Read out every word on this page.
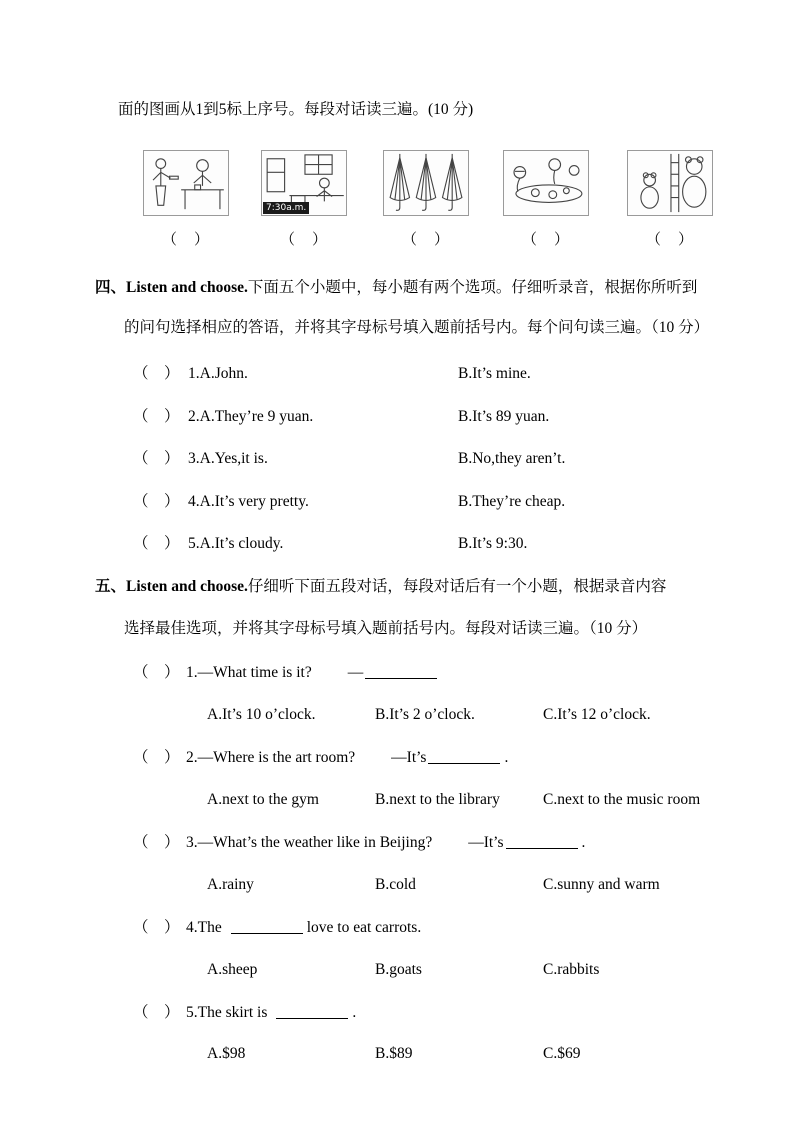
面的图画从1到5标上序号。每段对话读三遍。(10 分)
（　）
7:30a.m.
（　）	（　）	（　）	（　）
四、Listen and choose.下面五个小题中，每小题有两个选项。仔细听录音，根据你所听到
的问句选择相应的答语，并将其字母标号填入题前括号内。每个问句读三遍。（10 分）
（　） 1.A.John.	B.It’s mine.
（　） 2.A.They’re 9 yuan.	B.It’s 89 yuan.
（　） 3.A.Yes,it is.	B.No,they aren’t.
（　） 4.A.It’s very pretty.	B.They’re cheap.
（　） 5.A.It’s cloudy.	B.It’s 9:30.
五、Listen and choose.仔细听下面五段对话，每段对话后有一个小题，根据录音内容
选择最佳选项，并将其字母标号填入题前括号内。每段对话读三遍。（10 分）
（　） 1.—What time is it? —
A.It’s 10 o’clock.	B.It’s 2 o’clock.	C.It’s 12 o’clock.
（　） 2.—Where is the art room? —It’s	.
A.next to the gym	B.next to the library	C.next to the music room
（　） 3.—What’s the weather like in Beijing? —It’s	.
A.rainy	B.cold	C.sunny and warm
（　） 4.The	love to eat carrots.
A.sheep	B.goats	C.rabbits
（　） 5.The skirt is	.
A.$98	B.$89	C.$69
